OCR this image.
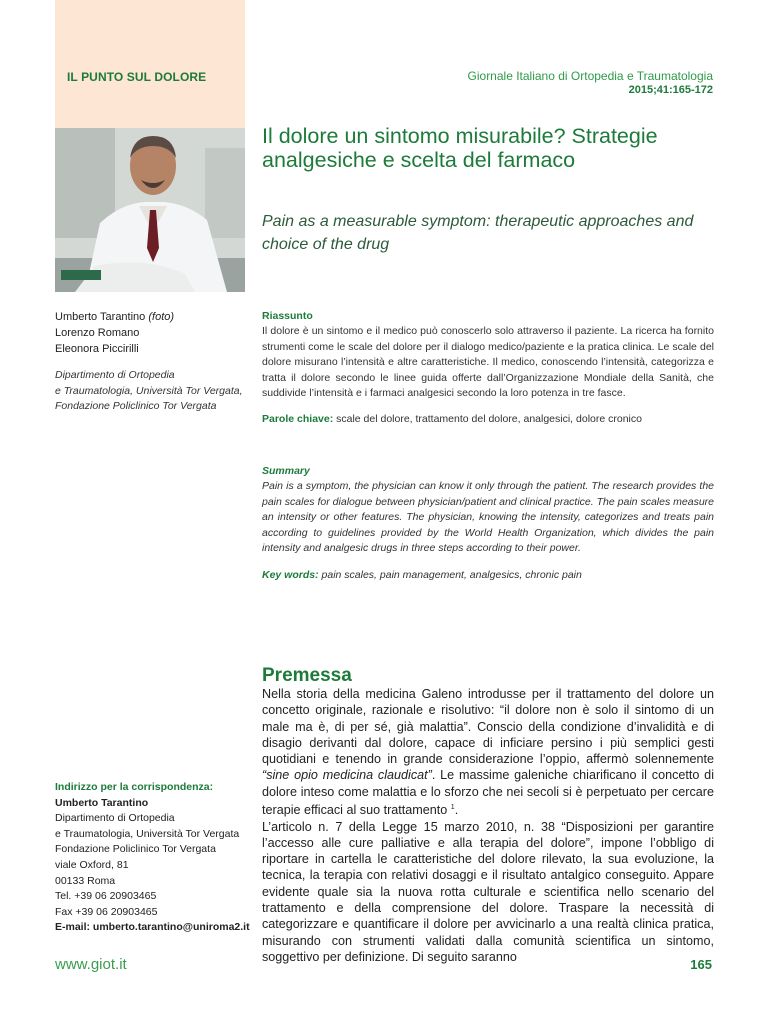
IL PUNTO SUL DOLORE	Giornale Italiano di Ortopedia e Traumatologia
2015;41:165-172
Il dolore un sintomo misurabile? Strategie analgesiche e scelta del farmaco
Pain as a measurable symptom: therapeutic approaches and choice of the drug
Umberto Tarantino (foto)
Lorenzo Romano
Eleonora Piccirilli
Dipartimento di Ortopedia
e Traumatologia, Università Tor Vergata,
Fondazione Policlinico Tor Vergata
Riassunto
Il dolore è un sintomo e il medico può conoscerlo solo attraverso il paziente. La ricerca ha fornito strumenti come le scale del dolore per il dialogo medico/paziente e la pratica clinica. Le scale del dolore misurano l’intensità e altre caratteristiche. Il medico, conoscendo l’intensità, categorizza e tratta il dolore secondo le linee guida offerte dall’Organizzazione Mondiale della Sanità, che suddivide l’intensità e i farmaci analgesici secondo la loro potenza in tre fasce.
Parole chiave: scale del dolore, trattamento del dolore, analgesici, dolore cronico
Summary
Pain is a symptom, the physician can know it only through the patient. The research provides the pain scales for dialogue between physician/patient and clinical practice. The pain scales measure an intensity or other features. The physician, knowing the intensity, categorizes and treats pain according to guidelines provided by the World Health Organization, which divides the pain intensity and analgesic drugs in three steps according to their power.
Key words: pain scales, pain management, analgesics, chronic pain
Premessa

Nella storia della medicina Galeno introdusse per il trattamento del dolore un concetto originale, razionale e risolutivo: “il dolore non è solo il sintomo di un male ma è, di per sé, già malattia”. Conscio della condizione d’invalidità e di disagio derivanti dal dolore, capace di inficiare persino i più semplici gesti quotidiani e tenendo in grande considerazione l’oppio, affermò solennemente “sine opio medicina claudicat”. Le massime galeniche chiarificano il concetto di dolore inteso come malattia e lo sforzo che nei secoli si è perpetuato per cercare terapie efficaci al suo trattamento $^1$.

L’articolo n. 7 della Legge 15 marzo 2010, n. 38 “Disposizioni per garantire l’accesso alle cure palliative e alla terapia del dolore”, impone l’obbligo di riportare in cartella le caratteristiche del dolore rilevato, la sua evoluzione, la tecnica, la terapia con relativi dosaggi e il risultato antalgico conseguito. Appare evidente quale sia la nuova rotta culturale e scientifica nello scenario del trattamento e della comprensione del dolore. Traspare la necessità di categorizzare e quantificare il dolore per avvicinarlo a una realtà clinica pratica, misurando con strumenti validati dalla comunità scientifica un sintomo, soggettivo per definizione. Di seguito saranno

Indirizzo per la corrispondenza:
Umberto Tarantino
Dipartimento di Ortopedia
e Traumatologia, Università Tor Vergata
Fondazione Policlinico Tor Vergata
viale Oxford, 81
00133 Roma
Tel. +39 06 20903465
Fax +39 06 20903465
E-mail: umberto.tarantino@uniroma2.it
www.giot.it	165
